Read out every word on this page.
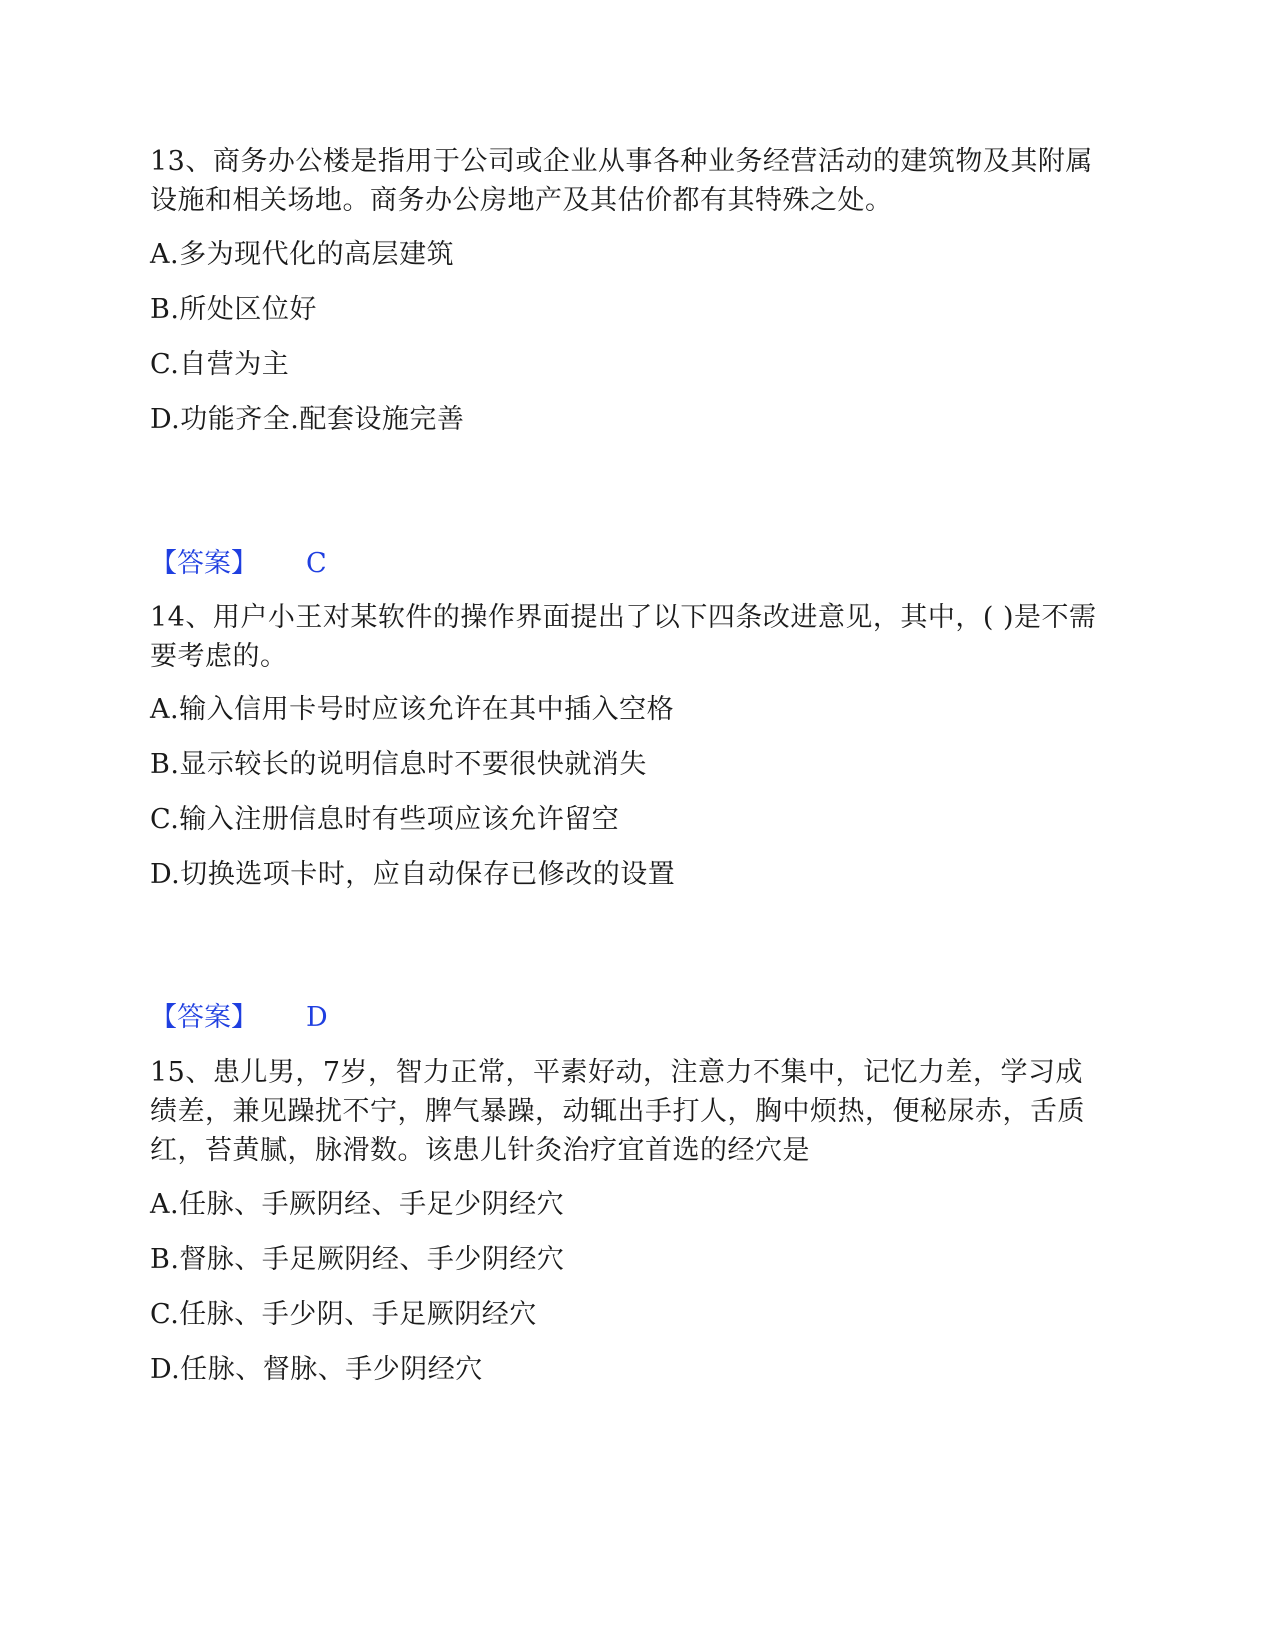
13、商务办公楼是指用于公司或企业从事各种业务经营活动的建筑物及其附属设施和相关场地。商务办公房地产及其估价都有其特殊之处。

A.多为现代化的高层建筑

B.所处区位好

C.自营为主

D.功能齐全.配套设施完善

【答案】 C

14、用户小王对某软件的操作界面提出了以下四条改进意见，其中，( )是不需要考虑的。

A.输入信用卡号时应该允许在其中插入空格

B.显示较长的说明信息时不要很快就消失

C.输入注册信息时有些项应该允许留空

D.切换选项卡时，应自动保存已修改的设置

【答案】 D

15、患儿男，7岁，智力正常，平素好动，注意力不集中，记忆力差，学习成绩差，兼见躁扰不宁，脾气暴躁，动辄出手打人，胸中烦热，便秘尿赤，舌质红，苔黄腻，脉滑数。该患儿针灸治疗宜首选的经穴是

A.任脉、手厥阴经、手足少阴经穴

B.督脉、手足厥阴经、手少阴经穴

C.任脉、手少阴、手足厥阴经穴

D.任脉、督脉、手少阴经穴
